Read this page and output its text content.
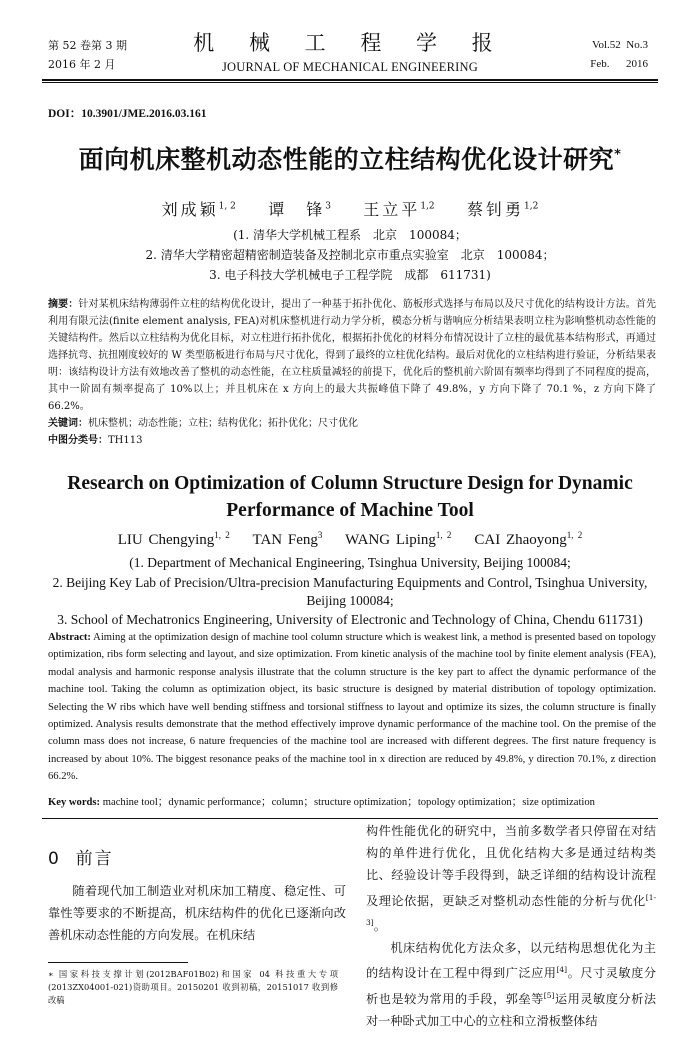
第 52 卷第 3 期
2016 年 2 月
机 械 工 程 学 报
JOURNAL OF MECHANICAL ENGINEERING
Vol.52 No.3
Feb. 2016
DOI：10.3901/JME.2016.03.161
面向机床整机动态性能的立柱结构优化设计研究*
刘成颖$^{1, 2}$ 谭　锋$^3$ 王立平$^{1,2}$ 蔡钊勇$^{1,2}$
(1. 清华大学机械工程系　北京　100084；
2. 清华大学精密超精密制造装备及控制北京市重点实验室　北京　100084；
3. 电子科技大学机械电子工程学院　成都　611731)
摘要：针对某机床结构薄弱件立柱的结构优化设计，提出了一种基于拓扑优化、筋板形式选择与布局以及尺寸优化的结构设计方法。首先利用有限元法(finite element analysis, FEA)对机床整机进行动力学分析，模态分析与谐响应分析结果表明立柱为影响整机动态性能的关键结构件。然后以立柱结构为优化目标，对立柱进行拓扑优化，根据拓扑优化的材料分布情况设计了立柱的最优基本结构形式，再通过选择抗弯、抗扭刚度较好的 W 类型筋板进行布局与尺寸优化，得到了最终的立柱优化结构。最后对优化的立柱结构进行验证，分析结果表明：该结构设计方法有效地改善了整机的动态性能，在立柱质量减轻的前提下，优化后的整机前六阶固有频率均得到了不同程度的提高，其中一阶固有频率提高了 10%以上；并且机床在 x 方向上的最大共振峰值下降了 49.8%，y 方向下降了 70.1 %，z 方向下降了 66.2%。
关键词：机床整机；动态性能；立柱；结构优化；拓扑优化；尺寸优化
中图分类号：TH113
Research on Optimization of Column Structure Design for Dynamic
Performance of Machine Tool
LIU Chengying$^{1, 2}$ TAN Feng$^3$ WANG Liping$^{1, 2}$ CAI Zhaoyong$^{1, 2}$
(1. Department of Mechanical Engineering, Tsinghua University, Beijing 100084;
2. Beijing Key Lab of Precision/Ultra-precision Manufacturing Equipments and Control, Tsinghua University,
Beijing 100084;
3. School of Mechatronics Engineering, University of Electronic and Technology of China, Chendu 611731)
Abstract: Aiming at the optimization design of machine tool column structure which is weakest link, a method is presented based on topology optimization, ribs form selecting and layout, and size optimization. From kinetic analysis of the machine tool by finite element analysis (FEA), modal analysis and harmonic response analysis illustrate that the column structure is the key part to affect the dynamic performance of the machine tool. Taking the column as optimization object, its basic structure is designed by material distribution of topology optimization. Selecting the W ribs which have well bending stiffness and torsional stiffness to layout and optimize its sizes, the column structure is finally optimized. Analysis results demonstrate that the method effectively improve dynamic performance of the machine tool. On the premise of the column mass does not increase, 6 nature frequencies of the machine tool are increased with different degrees. The first nature frequency is increased by about 10%. The biggest resonance peaks of the machine tool in x direction are reduced by 49.8%, y direction 70.1%, z direction 66.2%.
Key words: machine tool；dynamic performance；column；structure optimization；topology optimization；size optimization
0 前言

随着现代加工制造业对机床加工精度、稳定性、可靠性等要求的不断提高，机床结构件的优化已逐渐向改善机床动态性能的方向发展。在机床结

∗ 国家科技支撑计划(2012BAF01B02)和国家 04 科技重大专项(2013ZX04001-021)资助项目。20150201 收到初稿，20151017 收到修改稿

构件性能优化的研究中，当前多数学者只停留在对结构的单件进行优化，且优化结构大多是通过结构类比、经验设计等手段得到，缺乏详细的结构设计流程及理论依据，更缺乏对整机动态性能的分析与优化[1-3]。

机床结构优化方法众多，以元结构思想优化为主的结构设计在工程中得到广泛应用[4]。尺寸灵敏度分析也是较为常用的手段，郭垒等[5]运用灵敏度分析法对一种卧式加工中心的立柱和立滑板整体结
